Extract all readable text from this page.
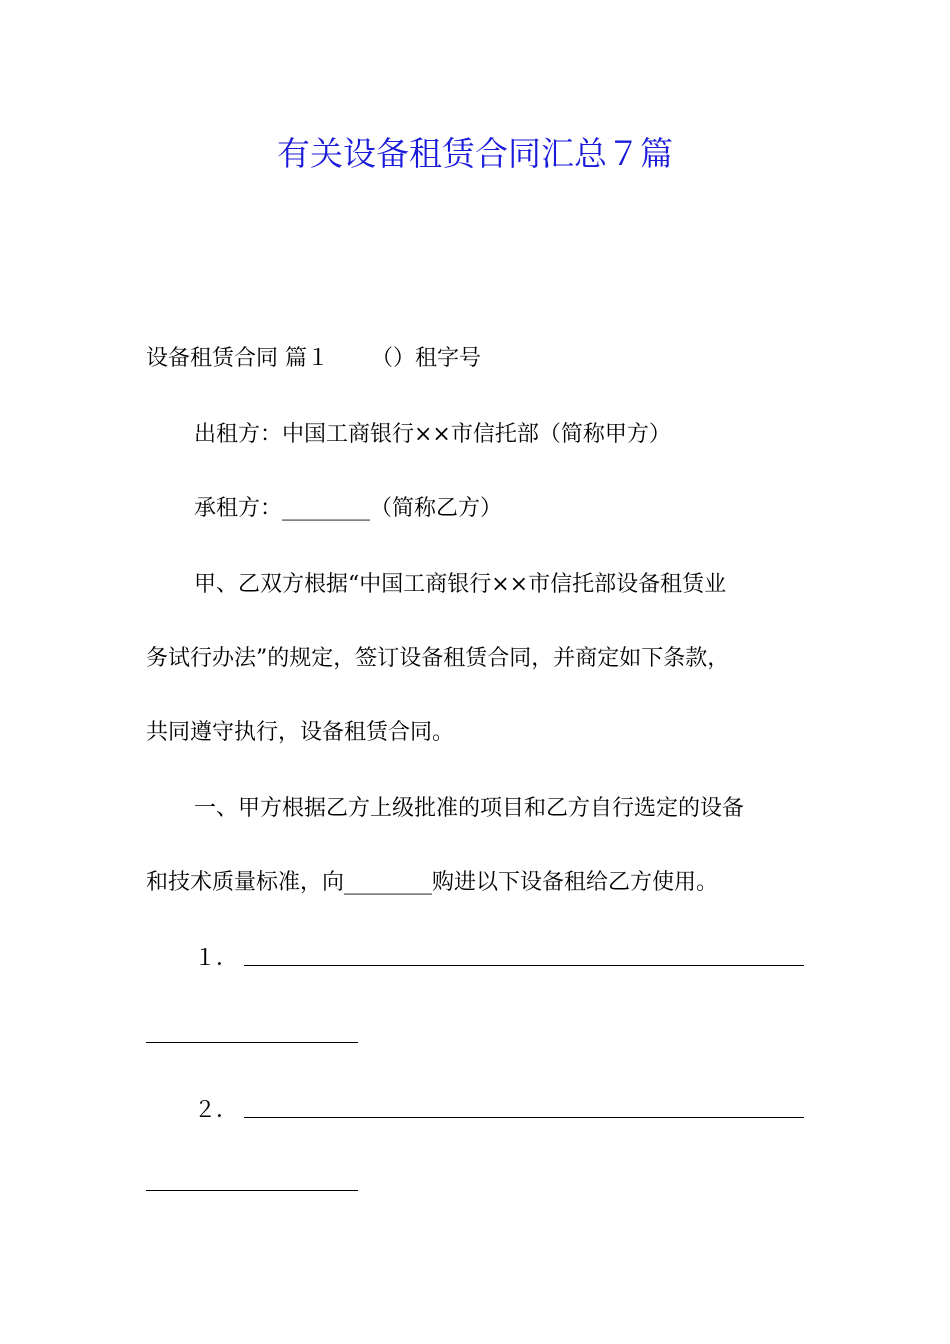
有关设备租赁合同汇总７篇
设备租赁合同 篇１ （）租字号
出租方：中国工商银行××市信托部（简称甲方）
承租方：________（简称乙方）
甲、乙双方根据“中国工商银行××市信托部设备租赁业
务试行办法”的规定，签订设备租赁合同，并商定如下条款，
共同遵守执行，设备租赁合同。
一、甲方根据乙方上级批准的项目和乙方自行选定的设备
和技术质量标准，向________购进以下设备租给乙方使用。
１．
２．
